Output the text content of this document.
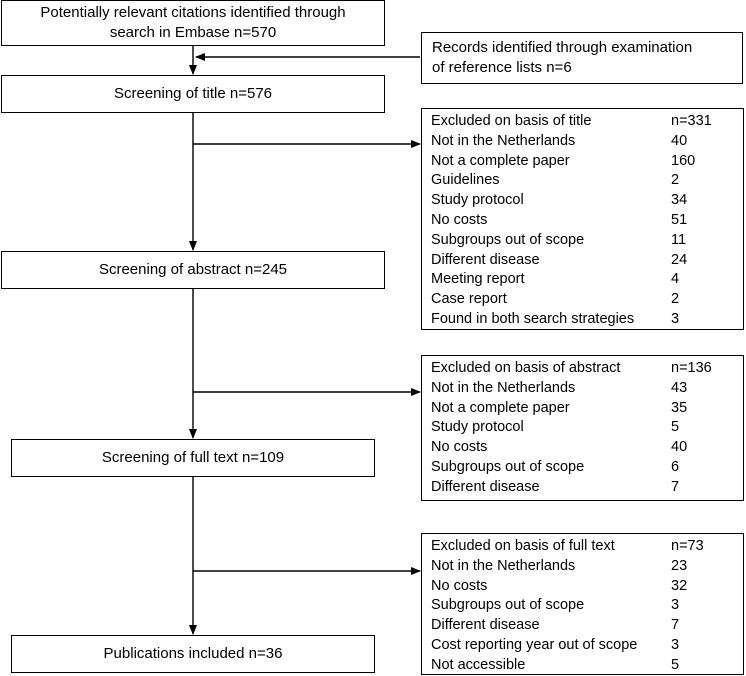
Potentially relevant citations identified through
search in Embase n=570
Records identified through examination
of reference lists n=6
Screening of title n=576
Screening of abstract n=245
Screening of full text n=109
Publications included n=36
Excluded on basis of title	n=331
Not in the Netherlands	40
Not a complete paper	160
Guidelines	2
Study protocol	34
No costs	51
Subgroups out of scope	11
Different disease	24
Meeting report	4
Case report	2
Found in both search strategies	3
Excluded on basis of abstract	n=136
Not in the Netherlands	43
Not a complete paper	35
Study protocol	5
No costs	40
Subgroups out of scope	6
Different disease	7
Excluded on basis of full text	n=73
Not in the Netherlands	23
No costs	32
Subgroups out of scope	3
Different disease	7
Cost reporting year out of scope	3
Not accessible	5
